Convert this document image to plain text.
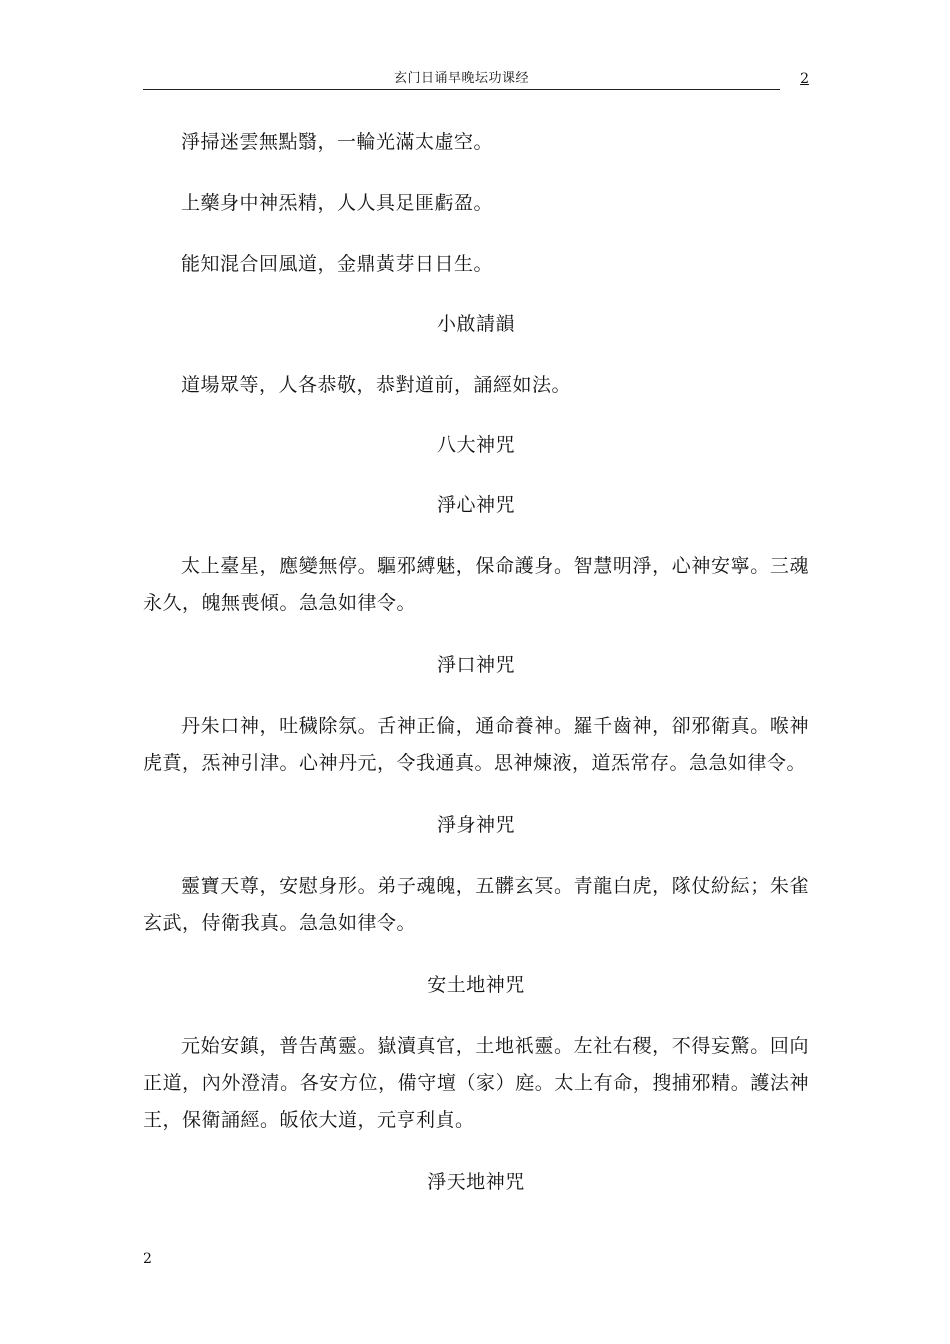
玄门日诵早晚坛功课经	2

淨掃迷雲無點翳，一輪光滿太虛空。

上藥身中神炁精，人人具足匪虧盈。

能知混合回風道，金鼎黃芽日日生。

小啟請韻

道場眾等，人各恭敬，恭對道前，誦經如法。

八大神咒
淨心神咒

太上臺星，應變無停。驅邪縛魅，保命護身。智慧明淨，心神安寧。三魂永久，魄無喪傾。急急如律令。

淨口神咒

丹朱口神，吐穢除氛。舌神正倫，通命養神。羅千齒神，卻邪衛真。喉神虎賁，炁神引津。心神丹元，令我通真。思神煉液，道炁常存。急急如律令。

淨身神咒

靈寶天尊，安慰身形。弟子魂魄，五髒玄冥。青龍白虎，隊仗紛紜；朱雀玄武，侍衛我真。急急如律令。

安土地神咒

元始安鎮，普告萬靈。嶽瀆真官，土地祇靈。左社右稷，不得妄驚。回向正道，內外澄清。各安方位，備守壇（家）庭。太上有命，搜捕邪精。護法神王，保衛誦經。皈依大道，元亨利貞。

淨天地神咒
2
